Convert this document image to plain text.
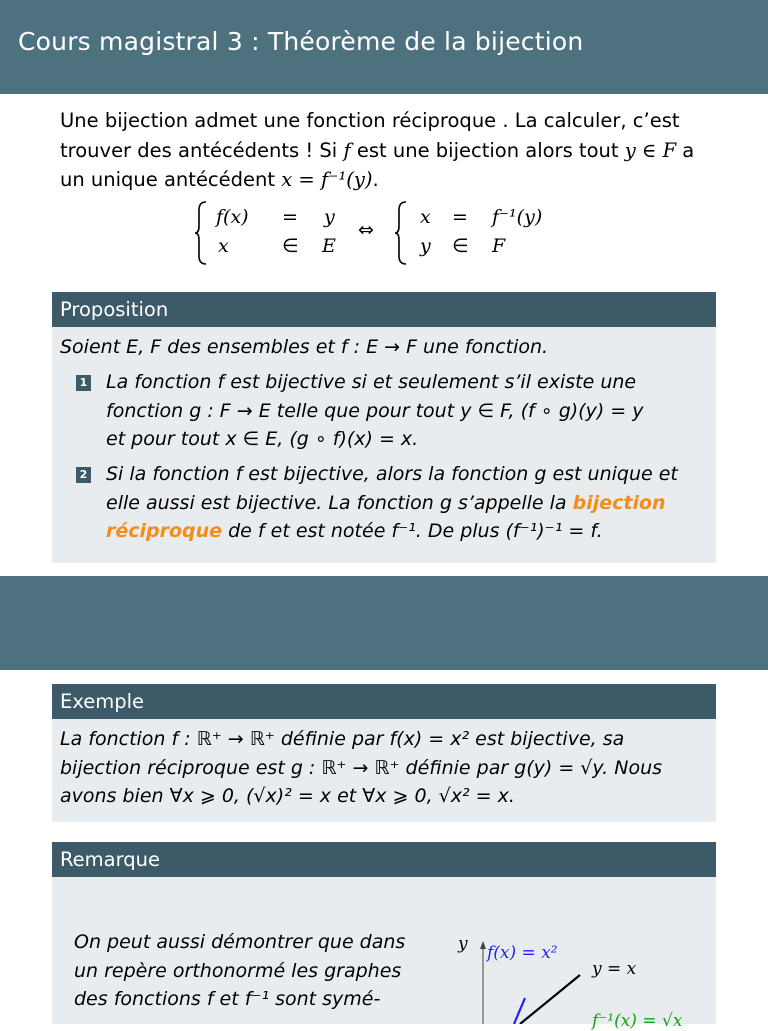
Cours magistral 3 : Théorème de la bijection
Une bijection admet une fonction réciproque . La calculer, c’est
trouver des antécédents ! Si f est une bijection alors tout y ∈ F a
un unique antécédent x = f⁻¹(y).
f(x) = y
x	∈ E
⇔
x = f⁻¹(y)
y ∈ F
Proposition
Soient E, F des ensembles et f : E → F une fonction.
1 La fonction f est bijective si et seulement s’il existe une
fonction g : F → E telle que pour tout y ∈ F, (f ∘ g)(y) = y
et pour tout x ∈ E, (g ∘ f)(x) = x.
2 Si la fonction f est bijective, alors la fonction g est unique et
elle aussi est bijective. La fonction g s’appelle la bijection
réciproque de f et est notée f⁻¹. De plus (f⁻¹)⁻¹ = f.
Exemple
La fonction f : ℝ⁺ → ℝ⁺ définie par f(x) = x² est bijective, sa
bijection réciproque est g : ℝ⁺ → ℝ⁺ définie par g(y) = √y. Nous
avons bien ∀x ⩾ 0, (√x)² = x et ∀x ⩾ 0, √x² = x.
Remarque
On peut aussi démontrer que dans
un repère orthonormé les graphes
des fonctions f et f⁻¹ sont symé-
y f(x) = x²
y = x
f⁻¹(x) = √x
